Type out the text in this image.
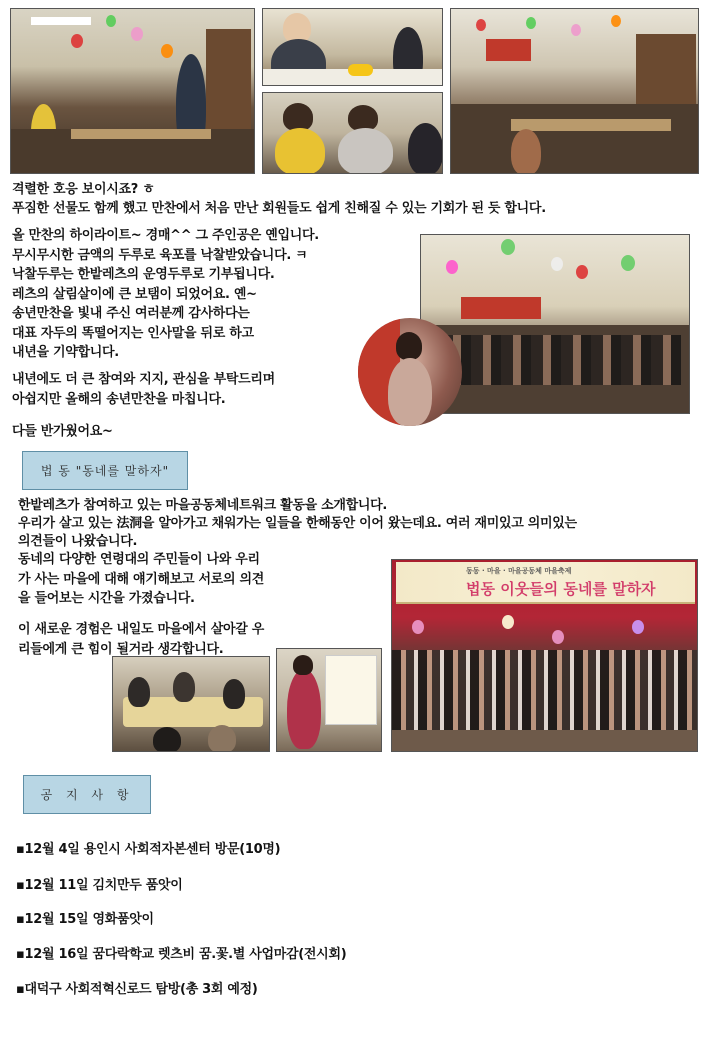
격렬한 호응 보이시죠? ㅎ
푸짐한 선물도 함께 했고 만찬에서 처음 만난 회원들도 쉽게 친해질 수 있는 기회가 된 듯 합니다.
올 만찬의 하이라이트~ 경매^^ 그 주인공은 옌입니다.
무시무시한 금액의 두루로 육포를 낙찰받았습니다. ㅋ
낙찰두루는 한밭레츠의 운영두루로 기부됩니다.
레츠의 살림살이에 큰 보탬이 되었어요. 옌~
송년만찬을 빛내 주신 여러분께 감사하다는
대표 자두의 똑떨어지는 인사말을 뒤로 하고
내년을 기약합니다.
내년에도 더 큰 참여와 지지, 관심을 부탁드리며
아쉽지만 올해의 송년만찬을 마칩니다.
다들 반가웠어요~
법 동 "동네를 말하자"
한밭레츠가 참여하고 있는 마을공동체네트워크 활동을 소개합니다.
우리가 살고 있는 法洞을 알아가고 채워가는 일들을 한해동안 이어 왔는데요. 여러 재미있고 의미있는
의견들이 나왔습니다.
동네의 다양한 연령대의 주민들이 나와 우리
가 사는 마을에 대해 얘기해보고 서로의 의견
을 들어보는 시간을 가졌습니다.
이 새로운 경험은 내일도 마을에서 살아갈 우
리들에게 큰 힘이 될거라 생각합니다.
동동 · 마을 · 마을공동체 마을축제
법동 이웃들의 동네를 말하자
공 지 사 항
▪12월 4일 용인시 사회적자본센터 방문(10명)
▪12월 11일 김치만두 품앗이
▪12월 15일 영화품앗이
▪12월 16일 꿈다락학교 렛츠비 꿈.꽃.별 사업마감(전시회)
▪대덕구 사회적혁신로드 탐방(총 3회 예정)
